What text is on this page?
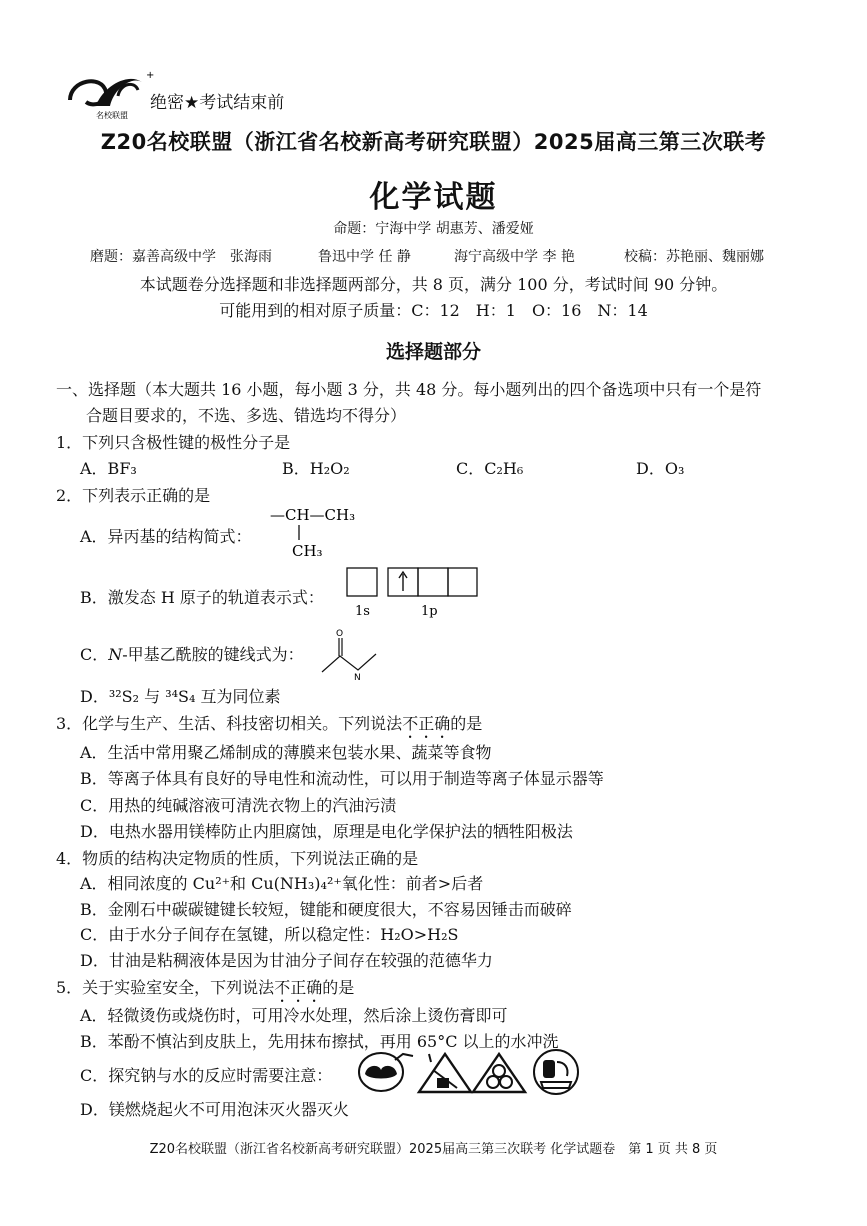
+
名校联盟
绝密★考试结束前
Z20名校联盟（浙江省名校新高考研究联盟）2025届高三第三次联考
化学试题
命题：宁海中学 胡惠芳、潘爱娅
磨题：嘉善高级中学　张海雨	鲁迅中学 任 静	海宁高级中学 李 艳	校稿：苏艳丽、魏丽娜
本试题卷分选择题和非选择题两部分，共 8 页，满分 100 分，考试时间 90 分钟。
可能用到的相对原子质量：C：12　H：1　O：16　N：14
选择题部分
一、选择题（本大题共 16 小题，每小题 3 分，共 48 分。每小题列出的四个备选项中只有一个是符
合题目要求的，不选、多选、错选均不得分）
1．下列只含极性键的极性分子是
A．BF₃	B．H₂O₂	C．C₂H₆	D．O₃
2．下列表示正确的是
A．异丙基的结构简式：
—CH—CH₃
CH₃
B．激发态 H 原子的轨道表示式：
1s	1p
C．N-甲基乙酰胺的键线式为：
O
N
D．³²S₂ 与 ³⁴S₄ 互为同位素
3．化学与生产、生活、科技密切相关。下列说法不正确的是
A．生活中常用聚乙烯制成的薄膜来包装水果、蔬菜等食物
B．等离子体具有良好的导电性和流动性，可以用于制造等离子体显示器等
C．用热的纯碱溶液可清洗衣物上的汽油污渍
D．电热水器用镁棒防止内胆腐蚀，原理是电化学保护法的牺牲阳极法
4．物质的结构决定物质的性质，下列说法正确的是
A．相同浓度的 Cu²⁺和 Cu(NH₃)₄²⁺氧化性：前者>后者
B．金刚石中碳碳键键长较短，键能和硬度很大，不容易因锤击而破碎
C．由于水分子间存在氢键，所以稳定性：H₂O>H₂S
D．甘油是粘稠液体是因为甘油分子间存在较强的范德华力
5．关于实验室安全，下列说法不正确的是
A．轻微烫伤或烧伤时，可用冷水处理，然后涂上烫伤膏即可
B．苯酚不慎沾到皮肤上，先用抹布擦拭，再用 65°C 以上的水冲洗
C．探究钠与水的反应时需要注意：
D．镁燃烧起火不可用泡沫灭火器灭火
Z20名校联盟（浙江省名校新高考研究联盟）2025届高三第三次联考 化学试题卷　第 1 页 共 8 页
